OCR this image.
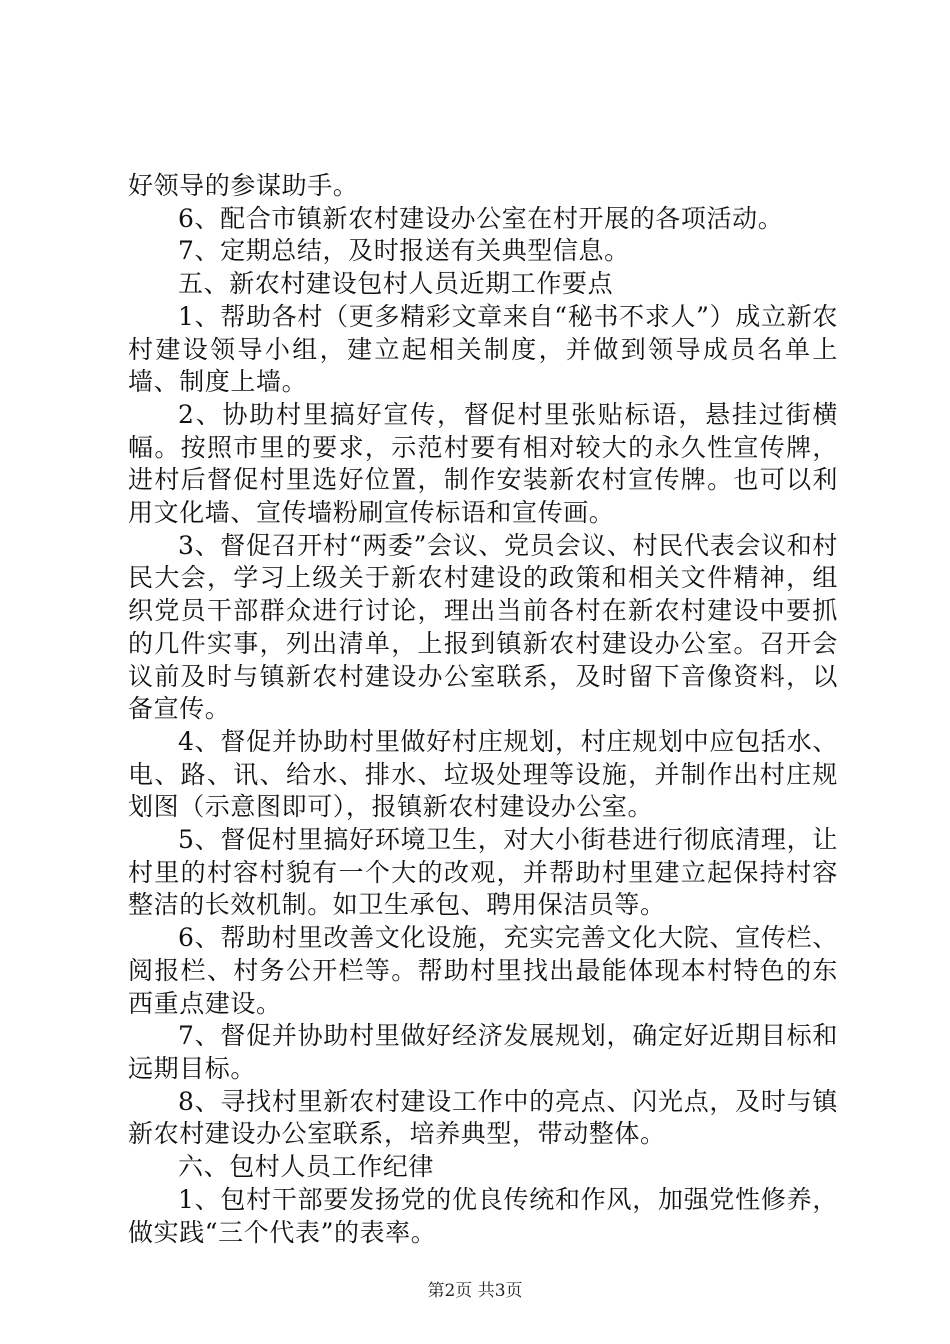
好领导的参谋助手。

6、配合市镇新农村建设办公室在村开展的各项活动。

7、定期总结，及时报送有关典型信息。

五、新农村建设包村人员近期工作要点

1、帮助各村（更多精彩文章来自“秘书不求人”）成立新农村建设领导小组，建立起相关制度，并做到领导成员名单上墙、制度上墙。

2、协助村里搞好宣传，督促村里张贴标语，悬挂过街横幅。按照市里的要求，示范村要有相对较大的永久性宣传牌，进村后督促村里选好位置，制作安装新农村宣传牌。也可以利用文化墙、宣传墙粉刷宣传标语和宣传画。

3、督促召开村“两委”会议、党员会议、村民代表会议和村民大会，学习上级关于新农村建设的政策和相关文件精神，组织党员干部群众进行讨论，理出当前各村在新农村建设中要抓的几件实事，列出清单，上报到镇新农村建设办公室。召开会议前及时与镇新农村建设办公室联系，及时留下音像资料，以备宣传。

4、督促并协助村里做好村庄规划，村庄规划中应包括水、电、路、讯、给水、排水、垃圾处理等设施，并制作出村庄规划图（示意图即可），报镇新农村建设办公室。

5、督促村里搞好环境卫生，对大小街巷进行彻底清理，让村里的村容村貌有一个大的改观，并帮助村里建立起保持村容整洁的长效机制。如卫生承包、聘用保洁员等。

6、帮助村里改善文化设施，充实完善文化大院、宣传栏、阅报栏、村务公开栏等。帮助村里找出最能体现本村特色的东西重点建设。

7、督促并协助村里做好经济发展规划，确定好近期目标和远期目标。

8、寻找村里新农村建设工作中的亮点、闪光点，及时与镇新农村建设办公室联系，培养典型，带动整体。

六、包村人员工作纪律

1、包村干部要发扬党的优良传统和作风，加强党性修养，做实践“三个代表”的表率。

第2页 共3页
